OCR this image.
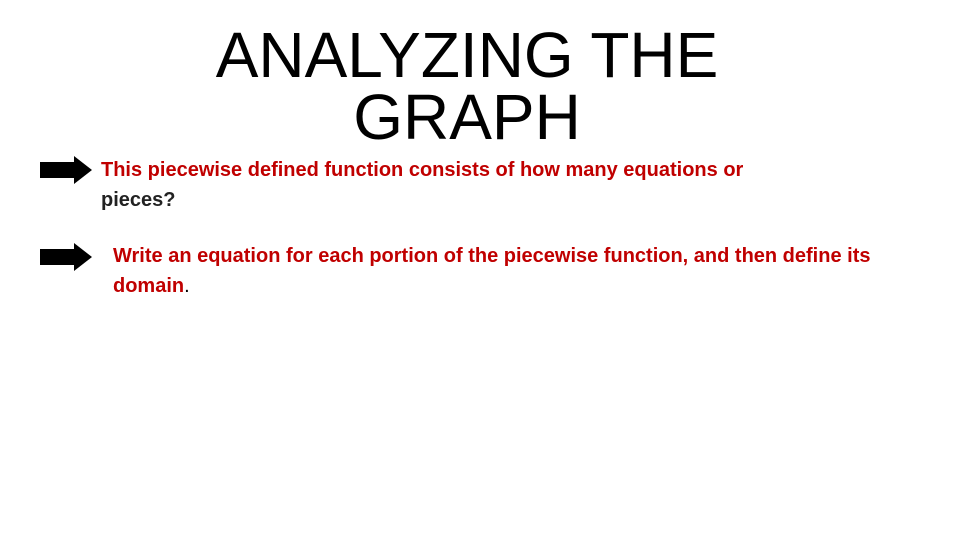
ANALYZING THE
GRAPH
This piecewise defined function consists of how many equations or
pieces?
Write an equation for each portion of the piecewise function, and then define its domain.
